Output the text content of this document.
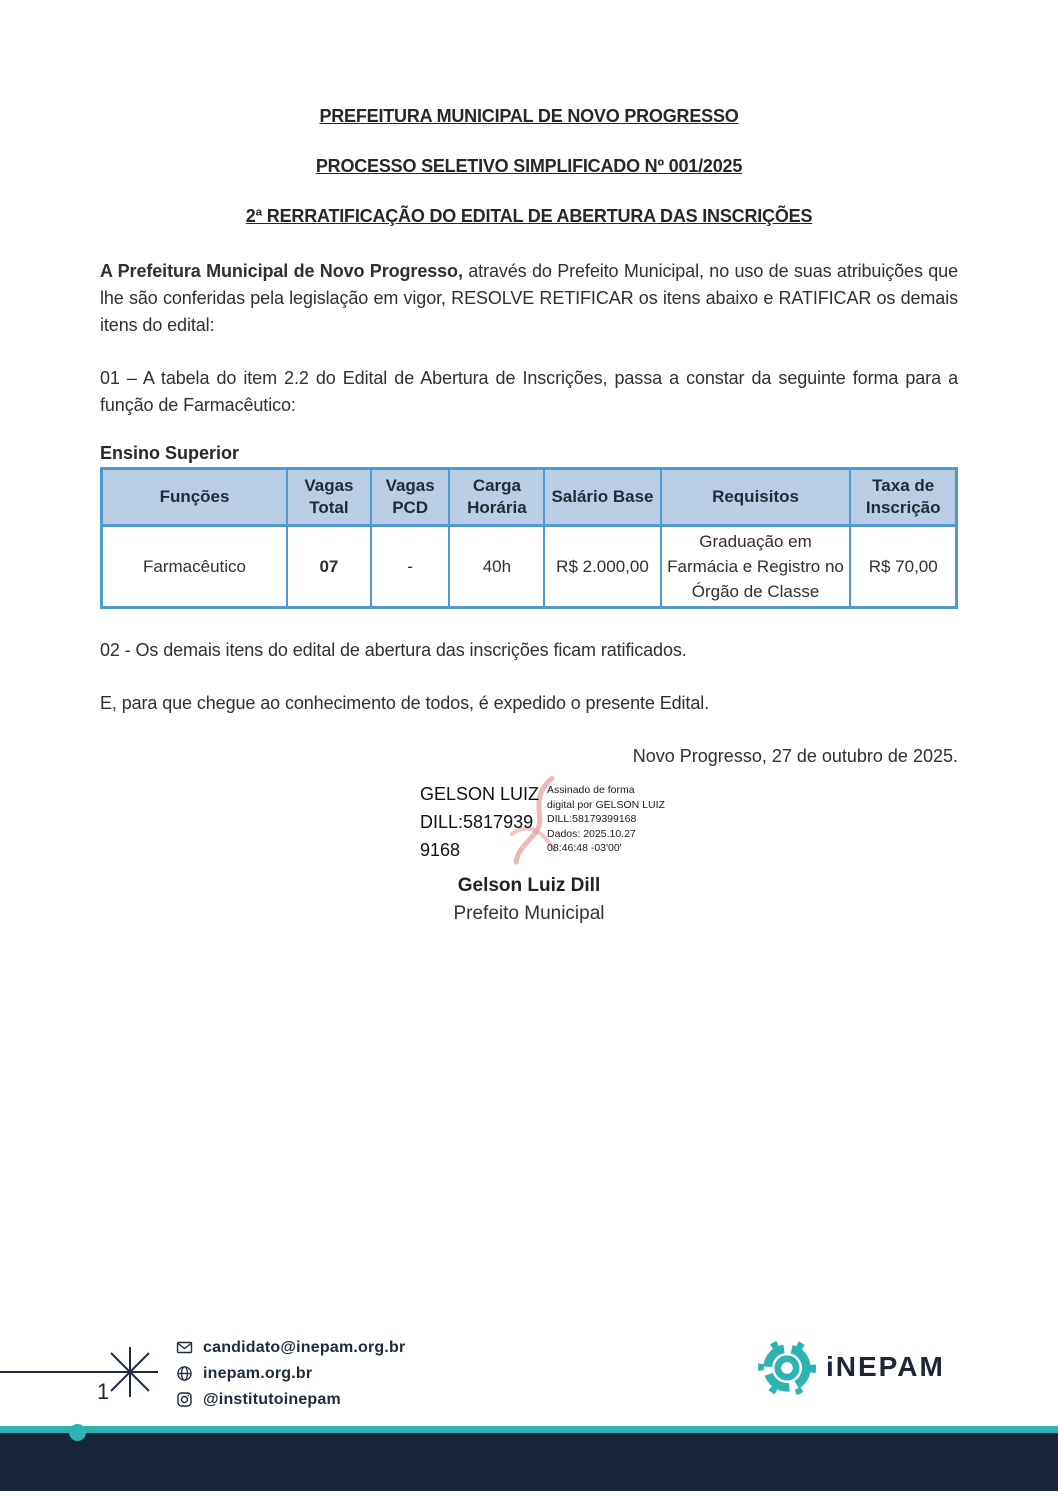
PREFEITURA MUNICIPAL DE NOVO PROGRESSO
PROCESSO SELETIVO SIMPLIFICADO Nº 001/2025
2ª RERRATIFICAÇÃO DO EDITAL DE ABERTURA DAS INSCRIÇÕES

A Prefeitura Municipal de Novo Progresso, através do Prefeito Municipal, no uso de suas atribuições que lhe são conferidas pela legislação em vigor, RESOLVE RETIFICAR os itens abaixo e RATIFICAR os demais itens do edital:

01 – A tabela do item 2.2 do Edital de Abertura de Inscrições, passa a constar da seguinte forma para a função de Farmacêutico:

Ensino Superior
Funções	Vagas Total	Vagas PCD	Carga Horária	Salário Base	Requisitos	Taxa de Inscrição
Farmacêutico	07	-	40h	R$ 2.000,00	Graduação em Farmácia e Registro no Órgão de Classe	R$ 70,00

02 - Os demais itens do edital de abertura das inscrições ficam ratificados.

E, para que chegue ao conhecimento de todos, é expedido o presente Edital.

Novo Progresso, 27 de outubro de 2025.
GELSON LUIZ
DILL:5817939
9168
Assinado de forma
digital por GELSON LUIZ
DILL:58179399168
Dados: 2025.10.27
08:46:48 -03'00'
Gelson Luiz Dill
Prefeito Municipal
1
candidato@inepam.org.br
inepam.org.br
@institutoinepam
iNEPAM
